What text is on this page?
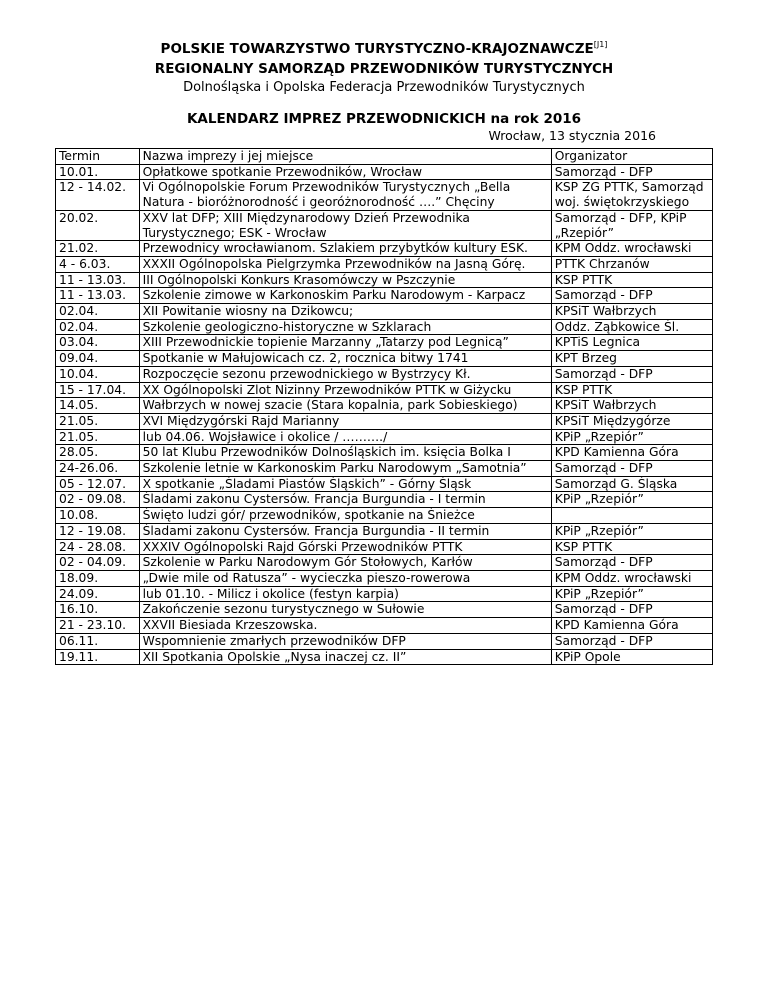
POLSKIE TOWARZYSTWO TURYSTYCZNO-KRAJOZNAWCZE[J1]
REGIONALNY SAMORZĄD PRZEWODNIKÓW TURYSTYCZNYCH
Dolnośląska i Opolska Federacja Przewodników Turystycznych
KALENDARZ IMPREZ PRZEWODNICKICH na rok 2016
Wrocław, 13 stycznia 2016
Termin	Nazwa imprezy i jej miejsce	Organizator
10.01.	Opłatkowe spotkanie Przewodników, Wrocław	Samorząd - DFP
12 - 14.02.	Vi Ogólnopolskie Forum Przewodników Turystycznych „Bella Natura - bioróżnorodność i georóżnorodność ….” Chęciny	KSP ZG PTTK, Samorząd woj. świętokrzyskiego
20.02.	XXV lat DFP; XIII Międzynarodowy Dzień Przewodnika Turystycznego; ESK - Wrocław	Samorząd - DFP, KPiP „Rzepiór”
21.02.	Przewodnicy wrocławianom. Szlakiem przybytków kultury ESK.	KPM Oddz. wrocławski
4 - 6.03.	XXXII Ogólnopolska Pielgrzymka Przewodników na Jasną Górę.	PTTK Chrzanów
11 - 13.03.	III Ogólnopolski Konkurs Krasomówczy w Pszczynie	KSP PTTK
11 - 13.03.	Szkolenie zimowe w Karkonoskim Parku Narodowym - Karpacz	Samorząd - DFP
02.04.	XII Powitanie wiosny na Dzikowcu;	KPSiT Wałbrzych
02.04.	Szkolenie geologiczno-historyczne w Szklarach	Oddz. Ząbkowice Śl.
03.04.	XIII Przewodnickie topienie Marzanny „Tatarzy pod Legnicą”	KPTiS Legnica
09.04.	Spotkanie w Małujowicach cz. 2, rocznica bitwy 1741	KPT Brzeg
10.04.	Rozpoczęcie sezonu przewodnickiego w Bystrzycy Kł.	Samorząd - DFP
15 - 17.04.	XX Ogólnopolski Zlot Nizinny Przewodników PTTK w Giżycku	KSP PTTK
14.05.	Wałbrzych w nowej szacie (Stara kopalnia, park Sobieskiego)	KPSiT Wałbrzych
21.05.	XVI Międzygórski Rajd Marianny	KPSiT Międzygórze
21.05.	lub 04.06. Wojsławice i okolice / ………./	KPiP „Rzepiór”
28.05.	50 lat Klubu Przewodników Dolnośląskich im. księcia Bolka I	KPD Kamienna Góra
24-26.06.	Szkolenie letnie w Karkonoskim Parku Narodowym „Samotnia”	Samorząd - DFP
05 - 12.07.	X spotkanie „Śladami Piastów Śląskich” - Górny Śląsk	Samorząd G. Śląska
02 - 09.08.	Śladami zakonu Cystersów. Francja Burgundia - I termin	KPiP „Rzepiór”
10.08.	Święto ludzi gór/ przewodników, spotkanie na Śnieżce	
12 - 19.08.	Śladami zakonu Cystersów. Francja Burgundia - II termin	KPiP „Rzepiór”
24 - 28.08.	XXXIV Ogólnopolski Rajd Górski Przewodników PTTK	KSP PTTK
02 - 04.09.	Szkolenie w Parku Narodowym Gór Stołowych, Karłów	Samorząd - DFP
18.09.	„Dwie mile od Ratusza” - wycieczka pieszo-rowerowa	KPM Oddz. wrocławski
24.09.	lub 01.10. - Milicz i okolice (festyn karpia)	KPiP „Rzepiór”
16.10.	Zakończenie sezonu turystycznego w Sułowie	Samorząd - DFP
21 - 23.10.	XXVII Biesiada Krzeszowska.	KPD Kamienna Góra
06.11.	Wspomnienie zmarłych przewodników DFP	Samorząd - DFP
19.11.	XII Spotkania Opolskie „Nysa inaczej cz. II”	KPiP Opole
